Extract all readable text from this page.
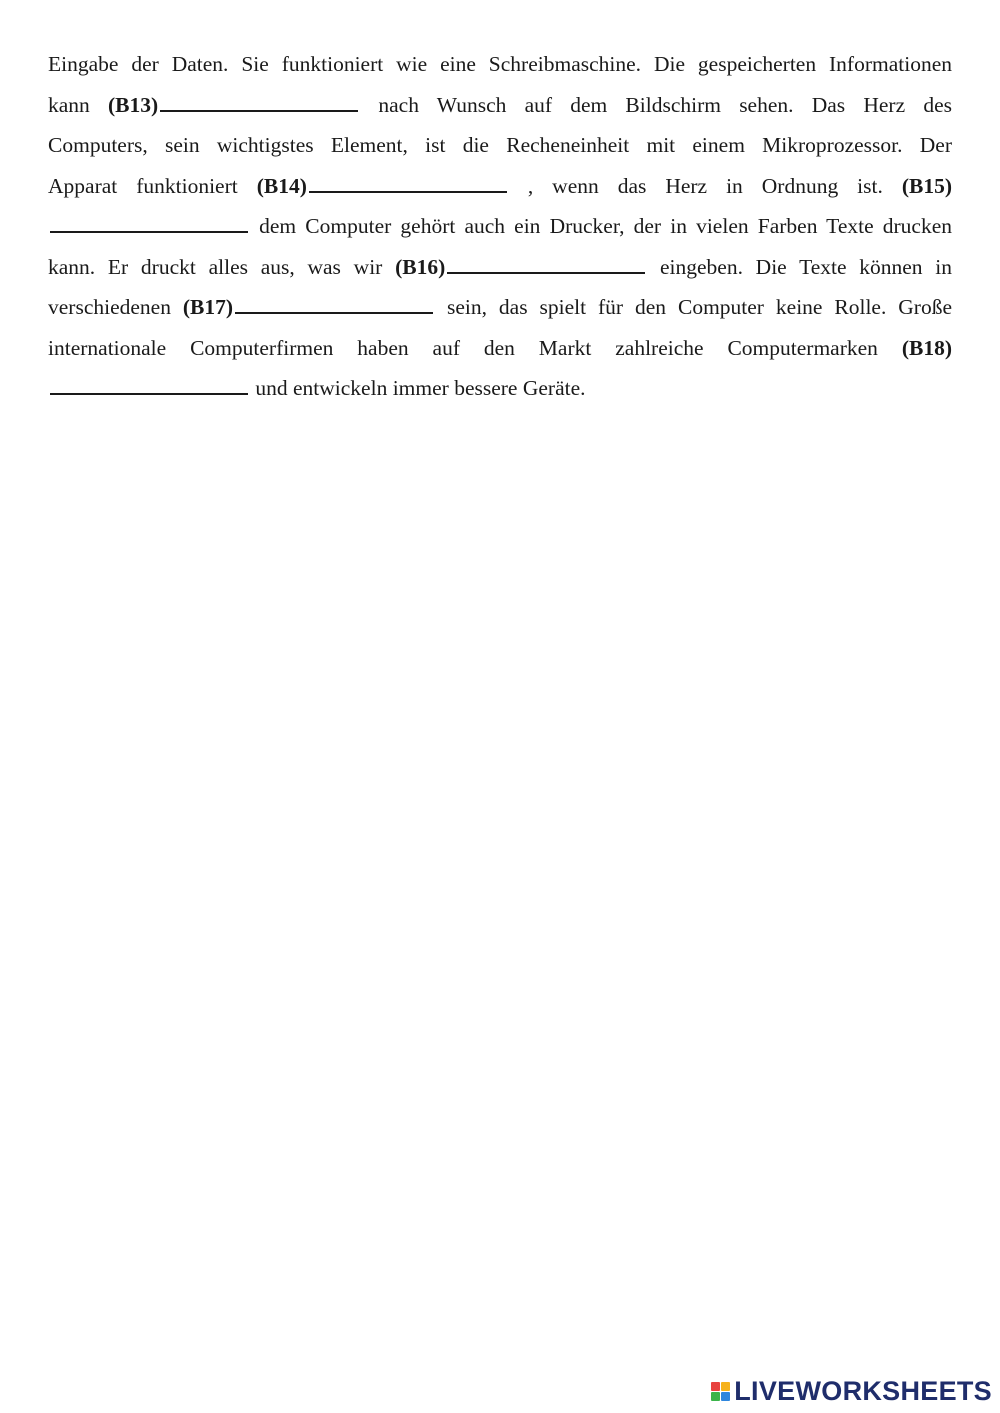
Eingabe der Daten. Sie funktioniert wie eine Schreibmaschine. Die gespeicherten Informationen
kann (B13)	nach Wunsch auf dem Bildschirm sehen. Das Herz des
Computers, sein wichtigstes Element, ist die Recheneinheit mit einem Mikroprozessor. Der
Apparat funktioniert (B14)	, wenn das Herz in Ordnung ist. (B15)
dem Computer gehört auch ein Drucker, der in vielen Farben Texte drucken
kann. Er druckt alles aus, was wir (B16)	eingeben. Die Texte können in
verschiedenen (B17)	sein, das spielt für den Computer keine Rolle. Große
internationale Computerfirmen haben auf den Markt zahlreiche Computermarken (B18)
und entwickeln immer bessere Geräte.
LIVEWORKSHEETS
